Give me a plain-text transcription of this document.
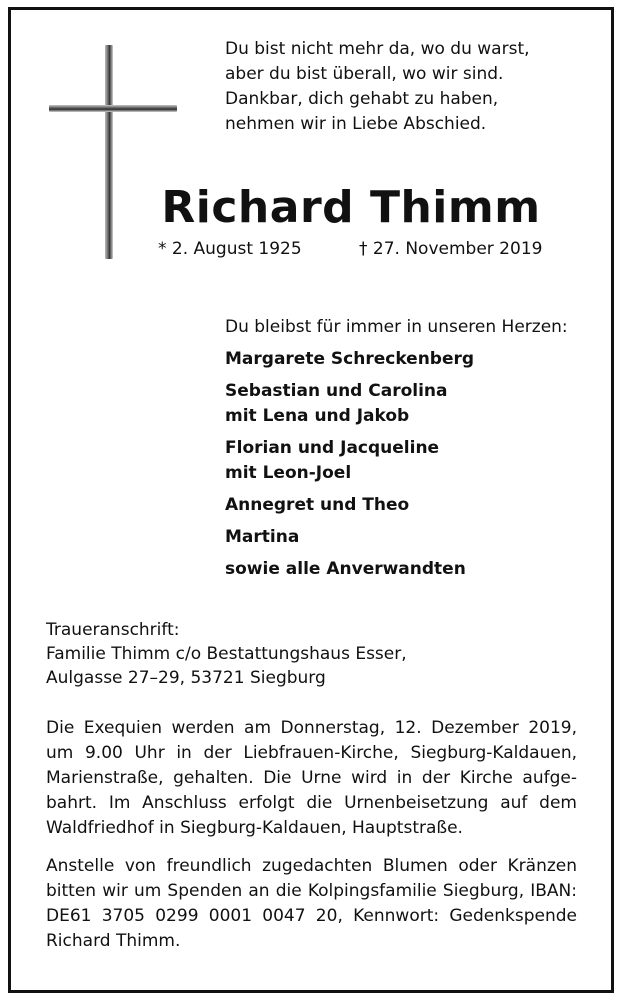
Du bist nicht mehr da, wo du warst,
aber du bist überall, wo wir sind.
Dankbar, dich gehabt zu haben,
nehmen wir in Liebe Abschied.
Richard Thimm
* 2. August 1925	† 27. November 2019
Du bleibst für immer in unseren Herzen:
Margarete Schreckenberg
Sebastian und Carolina
mit Lena und Jakob
Florian und Jacqueline
mit Leon-Joel
Annegret und Theo
Martina
sowie alle Anverwandten
Traueranschrift:
Familie Thimm c/o Bestattungshaus Esser,
Aulgasse 27–29, 53721 Siegburg
Die Exequien werden am Donnerstag, 12. Dezember 2019,
um 9.00 Uhr in der Liebfrauen-Kirche, Siegburg-Kaldauen,
Marienstraße, gehalten. Die Urne wird in der Kirche aufge-
bahrt. Im Anschluss erfolgt die Urnenbeisetzung auf dem
Waldfriedhof in Siegburg-Kaldauen, Hauptstraße.
Anstelle von freundlich zugedachten Blumen oder Kränzen
bitten wir um Spenden an die Kolpingsfamilie Siegburg, IBAN:
DE61 3705 0299 0001 0047 20, Kennwort: Gedenkspende
Richard Thimm.
